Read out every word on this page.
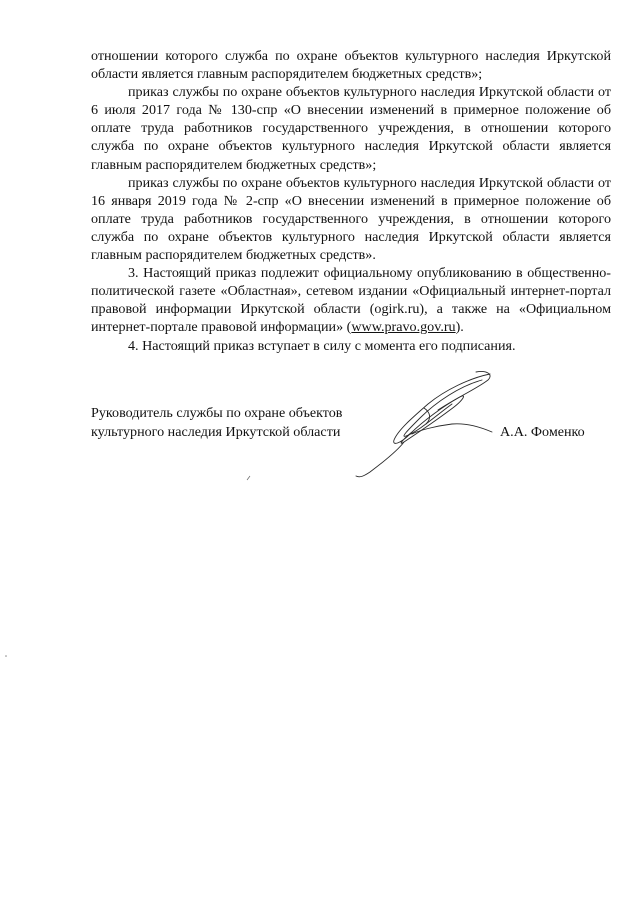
отношении которого служба по охране объектов культурного наследия Иркутской области является главным распорядителем бюджетных средств»;

приказ службы по охране объектов культурного наследия Иркутской области от 6 июля 2017 года № 130-спр «О внесении изменений в примерное положение об оплате труда работников государственного учреждения, в отношении которого служба по охране объектов культурного наследия Иркутской области является главным распорядителем бюджетных средств»;

приказ службы по охране объектов культурного наследия Иркутской области от 16 января 2019 года № 2-спр «О внесении изменений в примерное положение об оплате труда работников государственного учреждения, в отношении которого служба по охране объектов культурного наследия Иркутской области является главным распорядителем бюджетных средств».

3. Настоящий приказ подлежит официальному опубликованию в общественно-политической газете «Областная», сетевом издании «Официальный интернет-портал правовой информации Иркутской области (ogirk.ru), а также на «Официальном интернет-портале правовой информации» (www.pravo.gov.ru).

4. Настоящий приказ вступает в силу с момента его подписания.

Руководитель службы по охране объектов
культурного наследия Иркутской области	А.А. Фоменко
